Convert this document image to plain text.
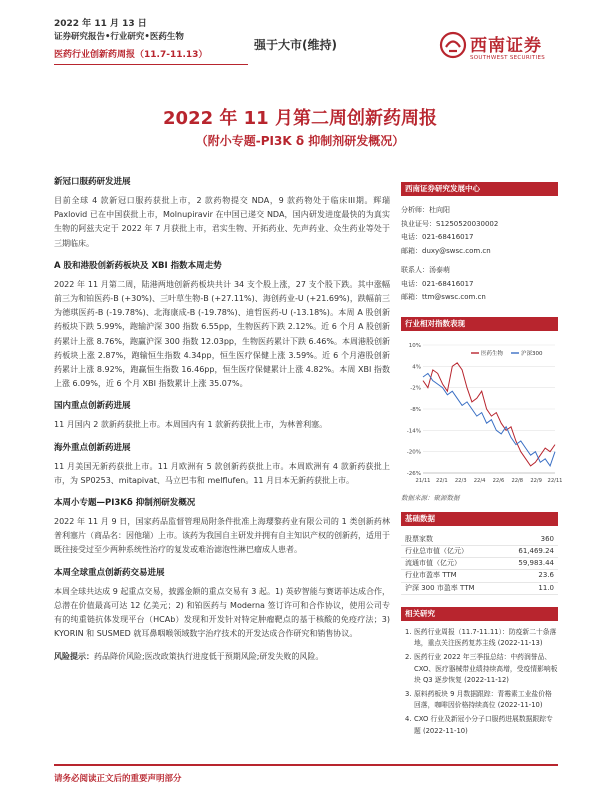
2022 年 11 月 13 日
证券研究报告•行业研究•医药生物
医药行业创新药周报（11.7-11.13）
强于大市(维持)	西南证券
SOUTHWEST SECURITIES
2022 年 11 月第二周创新药周报
（附小专题-PI3K δ 抑制剂研发概况）
新冠口服药研发进展
目前全球 4 款新冠口服药获批上市，2 款药物提交 NDA，9 款药物处于临床III期。辉瑞 Paxlovid 已在中国获批上市，Molnupiravir 在中国已递交 NDA，国内研发进度最快的为真实生物的阿兹夫定于 2022 年 7 月获批上市，君实生物、开拓药业、先声药业、众生药业等处于三期临床。
A 股和港股创新药板块及 XBI 指数本周走势
2022 年 11 月第二周，陆港两地创新药板块共计 34 支个股上涨，27 支个股下跌。其中涨幅前三为和铂医药-B (+30%)、三叶草生物-B (+27.11%)、海创药业-U (+21.69%)，跌幅前三为德琪医药-B (-19.78%)、北海康成-B (-19.78%)、迪哲医药-U (-13.18%)。本周 A 股创新药板块下跌 5.99%，跑输沪深 300 指数 6.55pp，生物医药下跌 2.12%。近 6 个月 A 股创新药累计上涨 8.76%，跑赢沪深 300 指数 12.03pp，生物医药累计下跌 6.46%。本周港股创新药板块上涨 2.87%，跑输恒生指数 4.34pp，恒生医疗保健上涨 3.59%。近 6 个月港股创新药累计上涨 8.92%，跑赢恒生指数 16.46pp，恒生医疗保健累计上涨 4.82%。本周 XBI 指数上涨 6.09%，近 6 个月 XBI 指数累计上涨 35.07%。
国内重点创新药进展
11 月国内 2 款新药获批上市。本周国内有 1 款新药获批上市，为林普利塞。
海外重点创新药进展
11 月美国无新药获批上市。11 月欧洲有 5 款创新药获批上市。本周欧洲有 4 款新药获批上市，为 SP0253、mitapivat、马立巴韦和 melflufen。11 月日本无新药获批上市。
本周小专题—PI3Kδ 抑制剂研发概况
2022 年 11 月 9 日，国家药品监督管理局附条件批准上海璎黎药业有限公司的 1 类创新药林普利塞片（商品名：因他瑞）上市。该药为我国自主研发并拥有自主知识产权的创新药，适用于既往接受过至少两种系统性治疗的复发或难治滤泡性淋巴瘤成人患者。
本周全球重点创新药交易进展
本周全球共达成 9 起重点交易，披露金额的重点交易有 3 起。1) 英矽智能与赛诺菲达成合作，总潜在价值最高可达 12 亿美元；2) 和铂医药与 Moderna 签订许可和合作协议，使用公司专有的纯重链抗体发现平台（HCAb）发现和开发针对特定肿瘤靶点的基于核酸的免疫疗法；3) KYORIN 和 SUSMED 就耳鼻咽喉领域数字治疗技术的开发达成合作研究和销售协议。
风险提示：药品降价风险;医改政策执行进度低于预期风险;研发失败的风险。
西南证券研究发展中心
分析师：杜向阳
执业证号：S1250520030002
电话：021-68416017
邮箱：duxy@swsc.com.cn
联系人：汤泰萌
电话：021-68416017
邮箱：ttm@swsc.com.cn
行业相对指数表现
10%
4%
-2%
-8%
-14%
-20%
-26%
21/11 22/1 22/3 22/4 22/6 22/8 22/9 22/11
医药生物	沪深300
数据来源：聚源数据
基础数据
股票家数	360
行业总市值（亿元）	61,469.24
流通市值（亿元）	59,983.44
行业市盈率 TTM	23.6
沪深 300 市盈率 TTM	11.0
相关研究
1. 医药行业周报（11.7-11.11）：防疫新二十条落地，重点关注医药复苏主线 (2022-11-13)
2. 医药行业 2022 年三季报总结：中药润誉品、CXO、医疗器械带业绩持续高增，受疫情影响板块 Q3 逐步恢复 (2022-11-12)
3. 原料药板块 9 月数据跟踪：青霉素工业盐价格回落，咖啡因价格持续高位 (2022-11-10)
4. CXO 行业及新冠小分子口服药进展数据跟踪专题 (2022-11-10)
请务必阅读正文后的重要声明部分
